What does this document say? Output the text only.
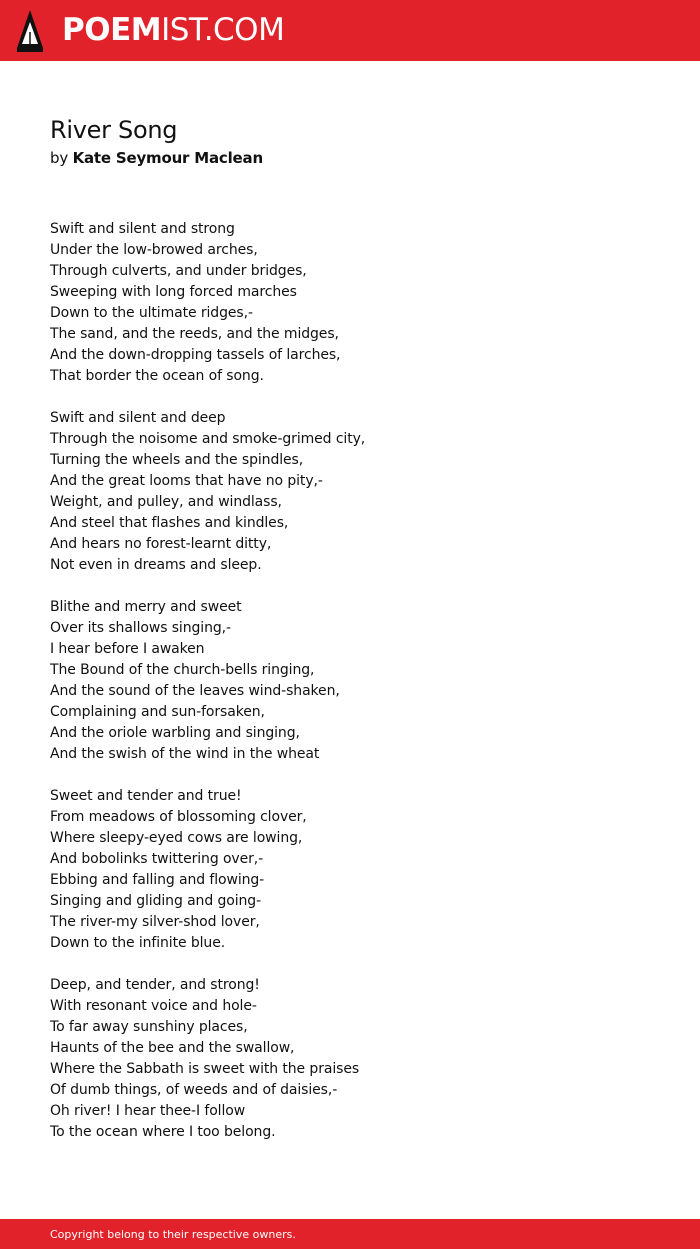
POEMIST.COM
River Song
by Kate Seymour Maclean
Swift and silent and strong
Under the low-browed arches,
Through culverts, and under bridges,
Sweeping with long forced marches
Down to the ultimate ridges,-
The sand, and the reeds, and the midges,
And the down-dropping tassels of larches,
That border the ocean of song.
Swift and silent and deep
Through the noisome and smoke-grimed city,
Turning the wheels and the spindles,
And the great looms that have no pity,-
Weight, and pulley, and windlass,
And steel that flashes and kindles,
And hears no forest-learnt ditty,
Not even in dreams and sleep.
Blithe and merry and sweet
Over its shallows singing,-
I hear before I awaken
The Bound of the church-bells ringing,
And the sound of the leaves wind-shaken,
Complaining and sun-forsaken,
And the oriole warbling and singing,
And the swish of the wind in the wheat
Sweet and tender and true!
From meadows of blossoming clover,
Where sleepy-eyed cows are lowing,
And bobolinks twittering over,-
Ebbing and falling and flowing-
Singing and gliding and going-
The river-my silver-shod lover,
Down to the infinite blue.
Deep, and tender, and strong!
With resonant voice and hole-
To far away sunshiny places,
Haunts of the bee and the swallow,
Where the Sabbath is sweet with the praises
Of dumb things, of weeds and of daisies,-
Oh river! I hear thee-I follow
To the ocean where I too belong.
Copyright belong to their respective owners.
